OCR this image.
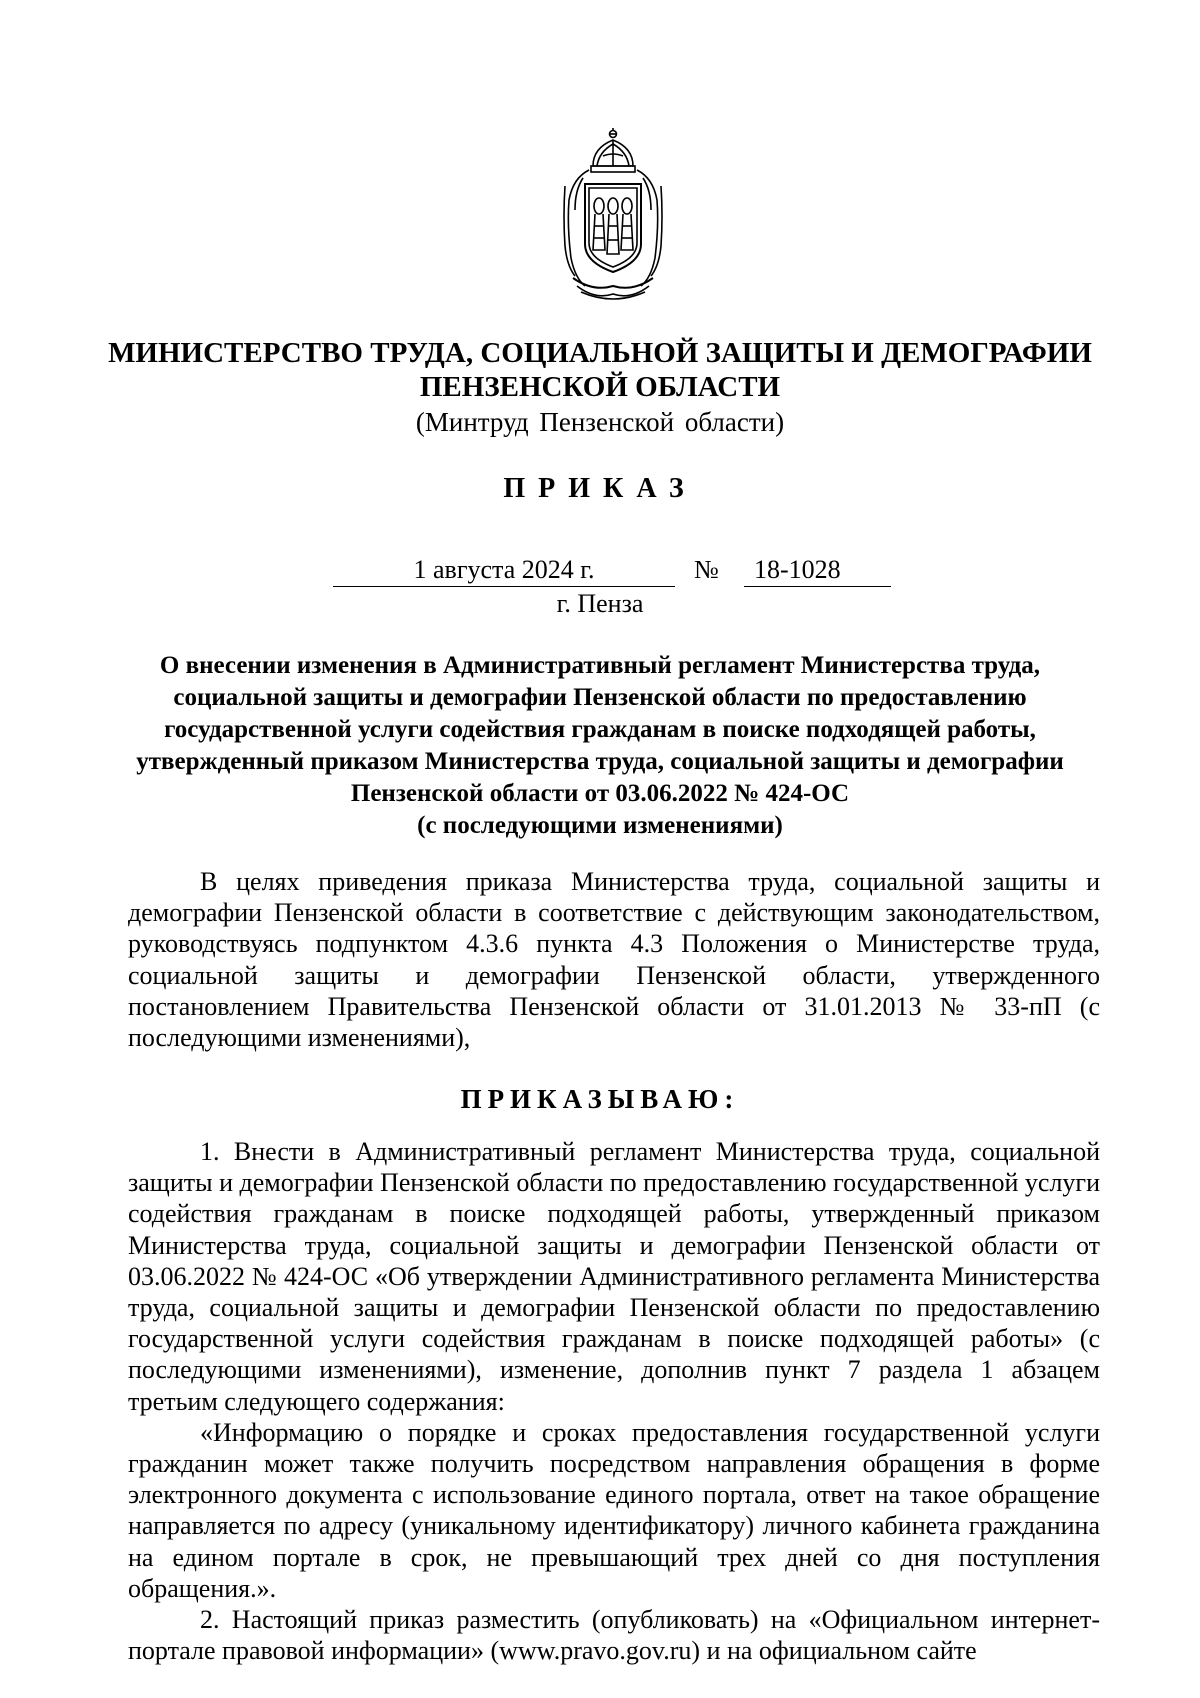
МИНИСТЕРСТВО ТРУДА, СОЦИАЛЬНОЙ ЗАЩИТЫ И ДЕМОГРАФИИ
ПЕНЗЕНСКОЙ ОБЛАСТИ
(Минтруд Пензенской области)
ПРИКАЗ
1 августа 2024 г.	№	18-1028
г. Пенза
О внесении изменения в Административный регламент Министерства труда,
социальной защиты и демографии Пензенской области по предоставлению
государственной услуги содействия гражданам в поиске подходящей работы,
утвержденный приказом Министерства труда, социальной защиты и демографии
Пензенской области от 03.06.2022 № 424-ОС
(с последующими изменениями)

В целях приведения приказа Министерства труда, социальной защиты и демографии Пензенской области в соответствие с действующим законодательством, руководствуясь подпунктом 4.3.6 пункта 4.3 Положения о Министерстве труда, социальной защиты и демографии Пензенской области, утвержденного постановлением Правительства Пензенской области от 31.01.2013 № 33-пП (с последующими изменениями),

ПРИКАЗЫВАЮ:

1. Внести в Административный регламент Министерства труда, социальной защиты и демографии Пензенской области по предоставлению государственной услуги содействия гражданам в поиске подходящей работы, утвержденный приказом Министерства труда, социальной защиты и демографии Пензенской области от 03.06.2022 № 424-ОС «Об утверждении Административного регламента Министерства труда, социальной защиты и демографии Пензенской области по предоставлению государственной услуги содействия гражданам в поиске подходящей работы» (с последующими изменениями), изменение, дополнив пункт 7 раздела 1 абзацем третьим следующего содержания:

«Информацию о порядке и сроках предоставления государственной услуги гражданин может также получить посредством направления обращения в форме электронного документа с использование единого портала, ответ на такое обращение направляется по адресу (уникальному идентификатору) личного кабинета гражданина на едином портале в срок, не превышающий трех дней со дня поступления обращения.».

2. Настоящий приказ разместить (опубликовать) на «Официальном интернет-портале правовой информации» (www.pravo.gov.ru) и на официальном сайте
